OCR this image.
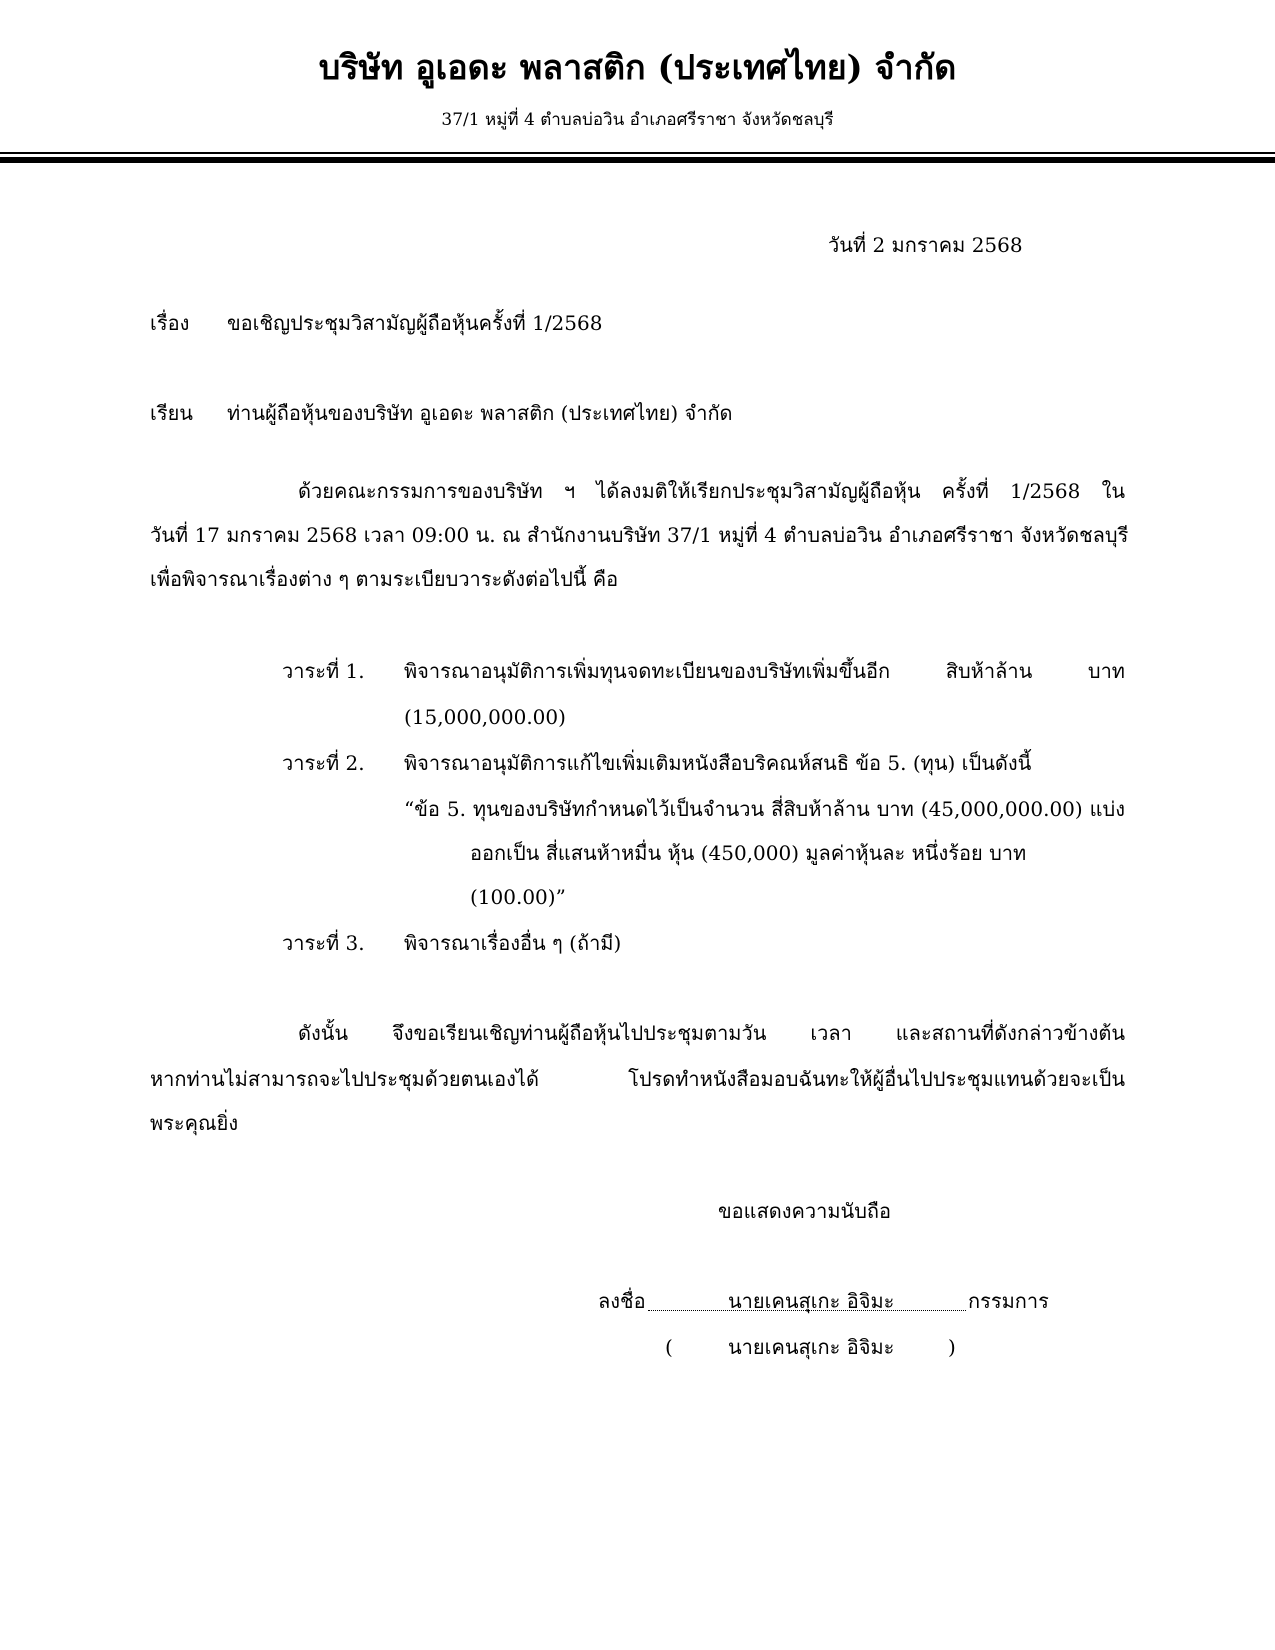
บริษัท อูเอดะ พลาสติก (ประเทศไทย) จำกัด
37/1 หมู่ที่ 4 ตำบลบ่อวิน อำเภอศรีราชา จังหวัดชลบุรี
วันที่ 2 มกราคม 2568
เรื่อง ขอเชิญประชุมวิสามัญผู้ถือหุ้นครั้งที่ 1/2568
เรียน ท่านผู้ถือหุ้นของบริษัท อูเอดะ พลาสติก (ประเทศไทย) จำกัด
ด้วยคณะกรรมการของบริษัท ฯ ได้ลงมติให้เรียกประชุมวิสามัญผู้ถือหุ้น ครั้งที่ 1/2568 ใน
วันที่ 17 มกราคม 2568 เวลา 09:00 น. ณ สำนักงานบริษัท 37/1 หมู่ที่ 4 ตำบลบ่อวิน อำเภอศรีราชา จังหวัดชลบุรี
เพื่อพิจารณาเรื่องต่าง ๆ ตามระเบียบวาระดังต่อไปนี้ คือ
วาระที่ 1. พิจารณาอนุมัติการเพิ่มทุนจดทะเบียนของบริษัทเพิ่มขึ้นอีก สิบห้าล้าน บาท
(15,000,000.00)
วาระที่ 2. พิจารณาอนุมัติการแก้ไขเพิ่มเติมหนังสือบริคณห์สนธิ ข้อ 5. (ทุน) เป็นดังนี้
“ข้อ 5. ทุนของบริษัทกำหนดไว้เป็นจำนวน สี่สิบห้าล้าน บาท (45,000,000.00) แบ่ง
ออกเป็น สี่แสนห้าหมื่น หุ้น (450,000) มูลค่าหุ้นละ หนึ่งร้อย บาท
(100.00)”
วาระที่ 3. พิจารณาเรื่องอื่น ๆ (ถ้ามี)
ดังนั้น จึงขอเรียนเชิญท่านผู้ถือหุ้นไปประชุมตามวัน เวลา และสถานที่ดังกล่าวข้างต้น
หากท่านไม่สามารถจะไปประชุมด้วยตนเองได้ โปรดทำหนังสือมอบฉันทะให้ผู้อื่นไปประชุมแทนด้วยจะเป็น
พระคุณยิ่ง
ขอแสดงความนับถือ
ลงชื่อ	นายเคนสุเกะ อิจิมะ	กรรมการ
(	นายเคนสุเกะ อิจิมะ	)
